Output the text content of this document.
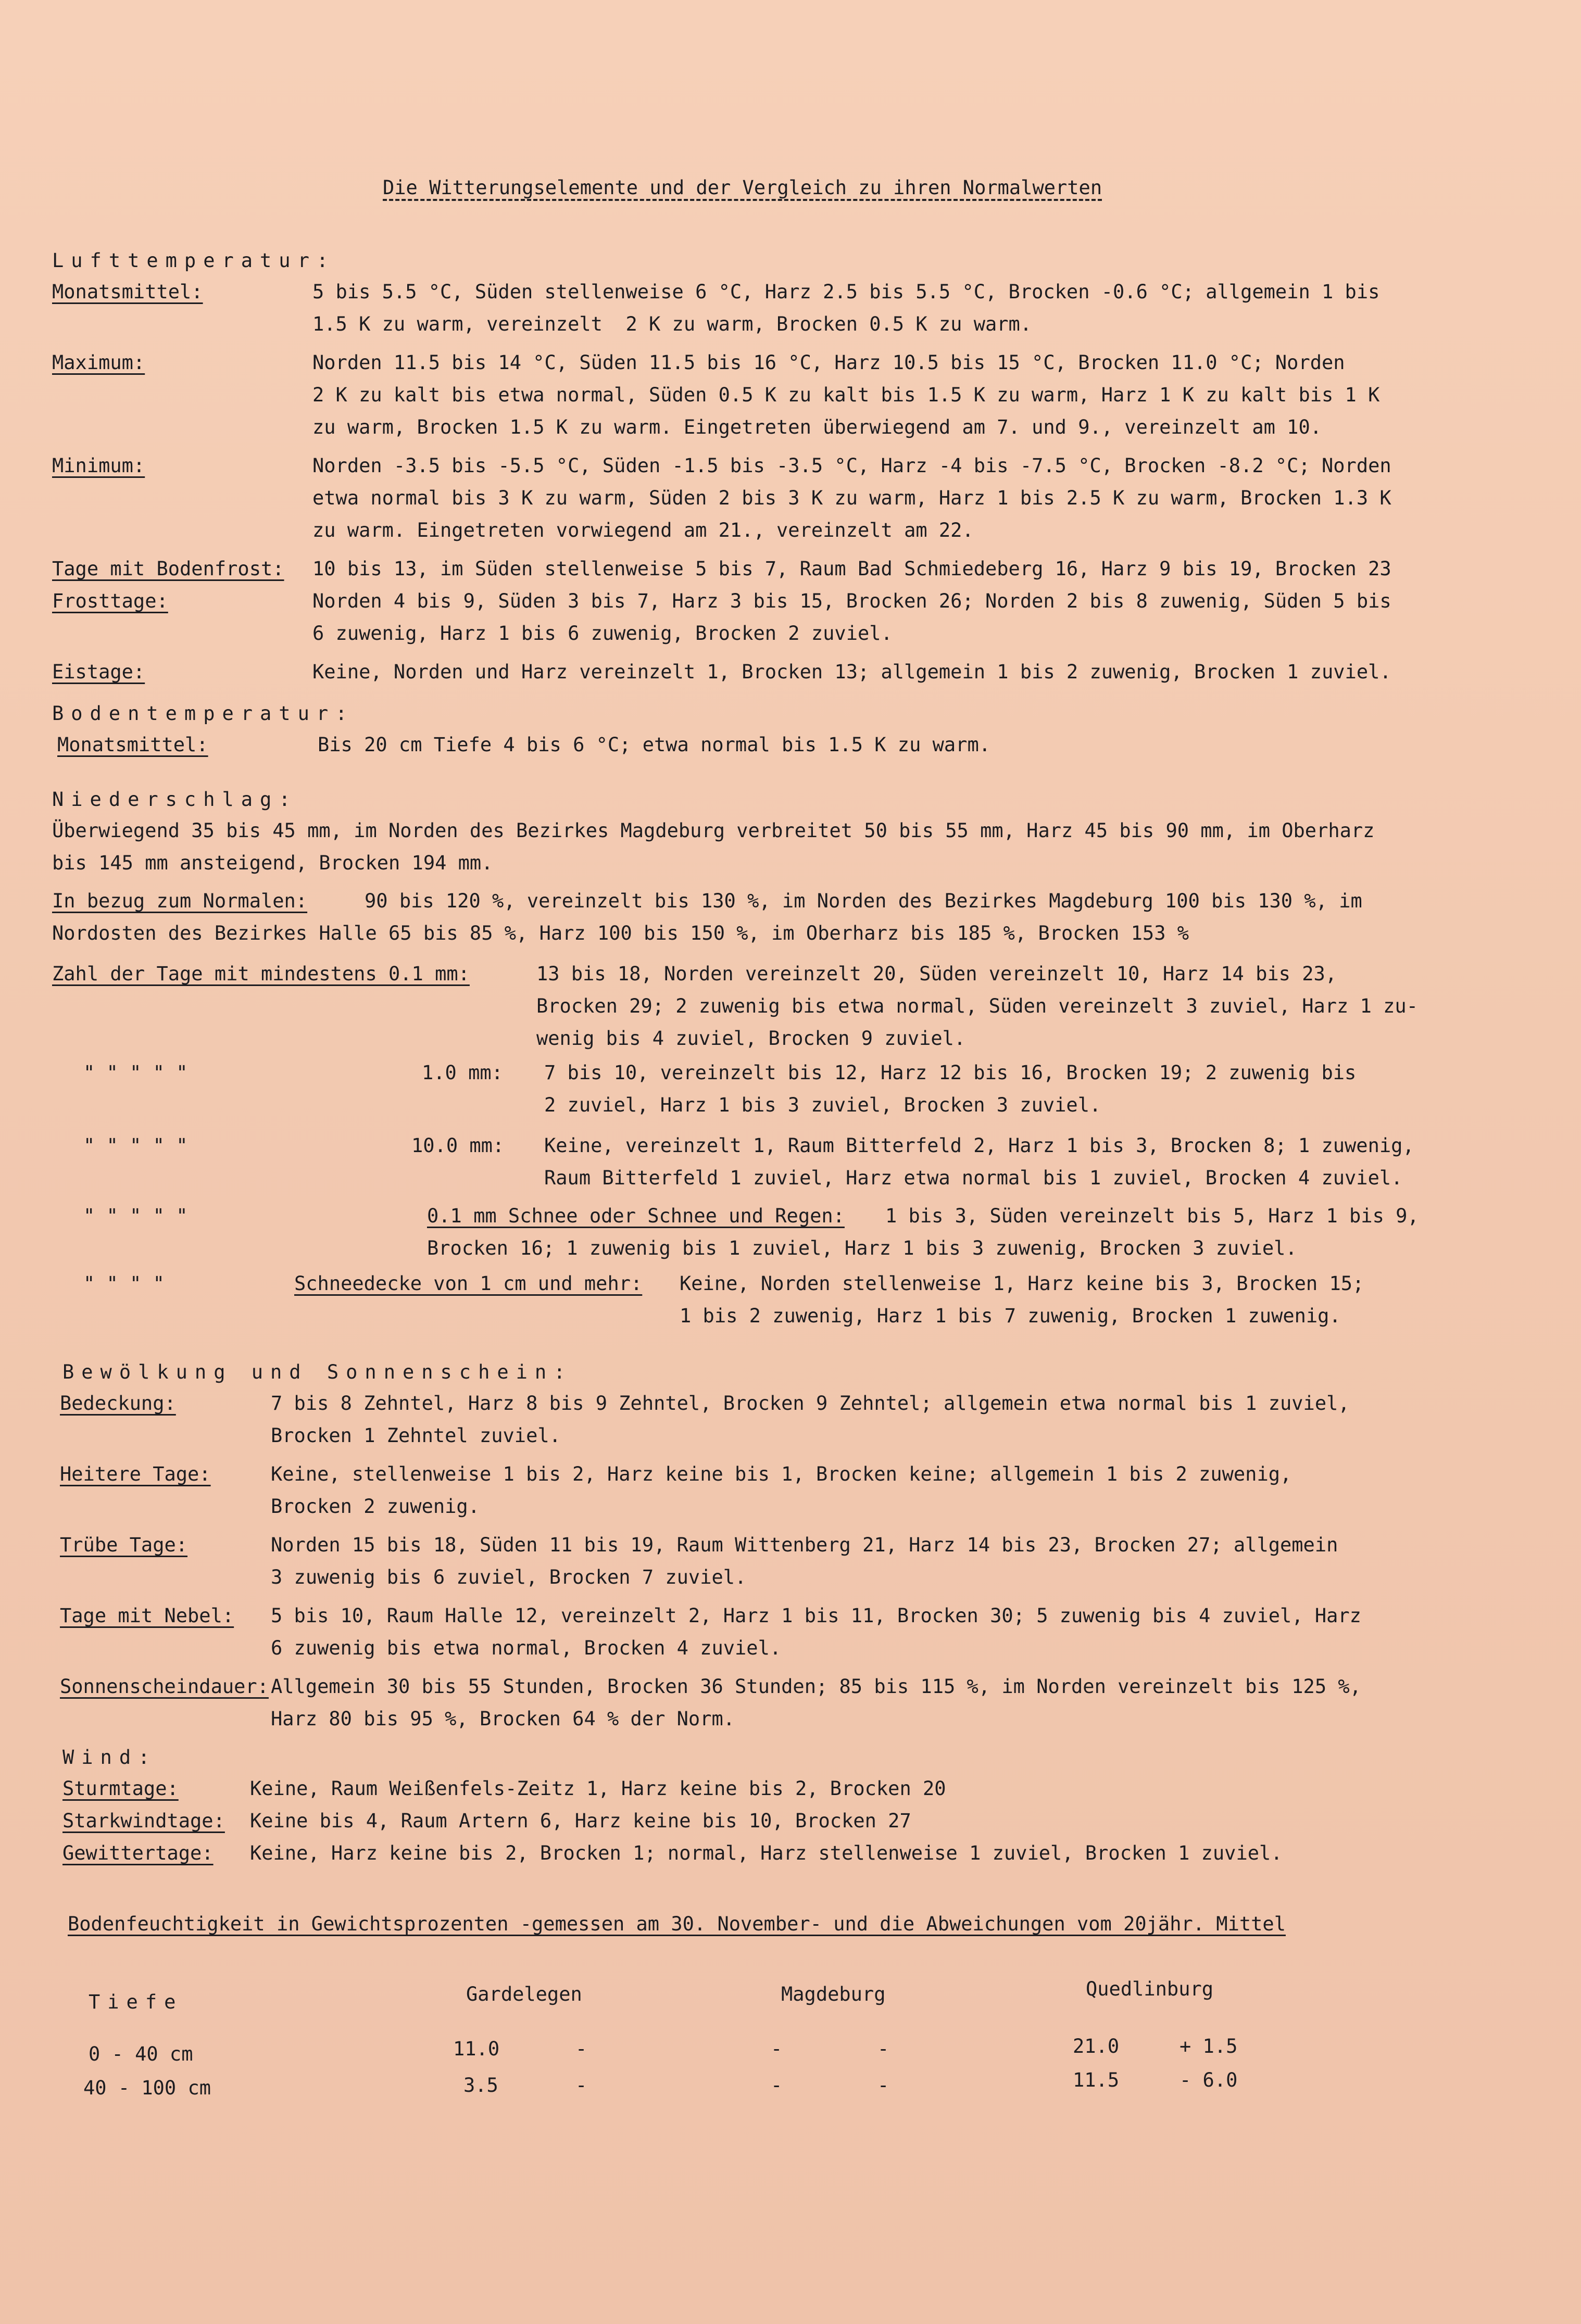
Die Witterungselemente und der Vergleich zu ihren Normalwerten
Lufttemperatur:
Monatsmittel:	5 bis 5.5 °C, Süden stellenweise 6 °C, Harz 2.5 bis 5.5 °C, Brocken -0.6 °C; allgemein 1 bis
1.5 K zu warm, vereinzelt  2 K zu warm, Brocken 0.5 K zu warm.
Maximum:	Norden 11.5 bis 14 °C, Süden 11.5 bis 16 °C, Harz 10.5 bis 15 °C, Brocken 11.0 °C; Norden
2 K zu kalt bis etwa normal, Süden 0.5 K zu kalt bis 1.5 K zu warm, Harz 1 K zu kalt bis 1 K
zu warm, Brocken 1.5 K zu warm. Eingetreten überwiegend am 7. und 9., vereinzelt am 10.
Minimum:	Norden -3.5 bis -5.5 °C, Süden -1.5 bis -3.5 °C, Harz -4 bis -7.5 °C, Brocken -8.2 °C; Norden
etwa normal bis 3 K zu warm, Süden 2 bis 3 K zu warm, Harz 1 bis 2.5 K zu warm, Brocken 1.3 K
zu warm. Eingetreten vorwiegend am 21., vereinzelt am 22.
Tage mit Bodenfrost:	10 bis 13, im Süden stellenweise 5 bis 7, Raum Bad Schmiedeberg 16, Harz 9 bis 19, Brocken 23
Frosttage:	Norden 4 bis 9, Süden 3 bis 7, Harz 3 bis 15, Brocken 26; Norden 2 bis 8 zuwenig, Süden 5 bis
6 zuwenig, Harz 1 bis 6 zuwenig, Brocken 2 zuviel.
Eistage:	Keine, Norden und Harz vereinzelt 1, Brocken 13; allgemein 1 bis 2 zuwenig, Brocken 1 zuviel.
Bodentemperatur:
Monatsmittel:	Bis 20 cm Tiefe 4 bis 6 °C; etwa normal bis 1.5 K zu warm.
Niederschlag:
Überwiegend 35 bis 45 mm, im Norden des Bezirkes Magdeburg verbreitet 50 bis 55 mm, Harz 45 bis 90 mm, im Oberharz
bis 145 mm ansteigend, Brocken 194 mm.
In bezug zum Normalen:	90 bis 120 %, vereinzelt bis 130 %, im Norden des Bezirkes Magdeburg 100 bis 130 %, im
Nordosten des Bezirkes Halle 65 bis 85 %, Harz 100 bis 150 %, im Oberharz bis 185 %, Brocken 153 %
Zahl der Tage mit mindestens 0.1 mm:	13 bis 18, Norden vereinzelt 20, Süden vereinzelt 10, Harz 14 bis 23,
Brocken 29; 2 zuwenig bis etwa normal, Süden vereinzelt 3 zuviel, Harz 1 zu-
wenig bis 4 zuviel, Brocken 9 zuviel.
" " " " "	1.0 mm: 7 bis 10, vereinzelt bis 12, Harz 12 bis 16, Brocken 19; 2 zuwenig bis
2 zuviel, Harz 1 bis 3 zuviel, Brocken 3 zuviel.
" " " " "	10.0 mm: Keine, vereinzelt 1, Raum Bitterfeld 2, Harz 1 bis 3, Brocken 8; 1 zuwenig,
Raum Bitterfeld 1 zuviel, Harz etwa normal bis 1 zuviel, Brocken 4 zuviel.
" " " " "	0.1 mm Schnee oder Schnee und Regen:	1 bis 3, Süden vereinzelt bis 5, Harz 1 bis 9,
Brocken 16; 1 zuwenig bis 1 zuviel, Harz 1 bis 3 zuwenig, Brocken 3 zuviel.
" " " "	Schneedecke von 1 cm und mehr: Keine, Norden stellenweise 1, Harz keine bis 3, Brocken 15;
1 bis 2 zuwenig, Harz 1 bis 7 zuwenig, Brocken 1 zuwenig.
Bewölkung und Sonnenschein:
Bedeckung:	7 bis 8 Zehntel, Harz 8 bis 9 Zehntel, Brocken 9 Zehntel; allgemein etwa normal bis 1 zuviel,
Brocken 1 Zehntel zuviel.
Heitere Tage:	Keine, stellenweise 1 bis 2, Harz keine bis 1, Brocken keine; allgemein 1 bis 2 zuwenig,
Brocken 2 zuwenig.
Trübe Tage:	Norden 15 bis 18, Süden 11 bis 19, Raum Wittenberg 21, Harz 14 bis 23, Brocken 27; allgemein
3 zuwenig bis 6 zuviel, Brocken 7 zuviel.
Tage mit Nebel:	5 bis 10, Raum Halle 12, vereinzelt 2, Harz 1 bis 11, Brocken 30; 5 zuwenig bis 4 zuviel, Harz
6 zuwenig bis etwa normal, Brocken 4 zuviel.
Sonnenscheindauer: Allgemein 30 bis 55 Stunden, Brocken 36 Stunden; 85 bis 115 %, im Norden vereinzelt bis 125 %,
Harz 80 bis 95 %, Brocken 64 % der Norm.
Wind:
Sturmtage:	Keine, Raum Weißenfels-Zeitz 1, Harz keine bis 2, Brocken 20
Starkwindtage: Keine bis 4, Raum Artern 6, Harz keine bis 10, Brocken 27
Gewittertage:	Keine, Harz keine bis 2, Brocken 1; normal, Harz stellenweise 1 zuviel, Brocken 1 zuviel.
Bodenfeuchtigkeit in Gewichtsprozenten -gemessen am 30. November- und die Abweichungen vom 20jähr. Mittel
Tiefe	Gardelegen	Magdeburg	Quedlinburg
0 - 40 cm	11.0	-	-	-	21.0	+ 1.5
40 - 100 cm	3.5	-	-	-	11.5	- 6.0
